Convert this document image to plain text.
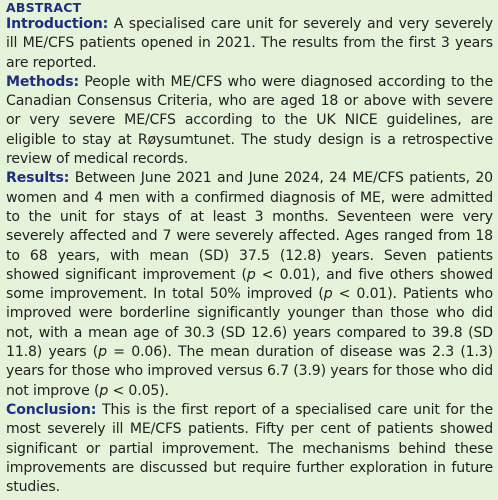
ABSTRACT

Introduction: A specialised care unit for severely and very severely ill ME/CFS patients opened in 2021. The results from the first 3 years are reported.

Methods: People with ME/CFS who were diagnosed according to the Canadian Consensus Criteria, who are aged 18 or above with severe or very severe ME/CFS according to the UK NICE guidelines, are eligible to stay at Røysumtunet. The study design is a retrospective review of medical records.

Results: Between June 2021 and June 2024, 24 ME/CFS patients, 20 women and 4 men with a confirmed diagnosis of ME, were admitted to the unit for stays of at least 3 months. Seventeen were very severely affected and 7 were severely affected. Ages ranged from 18 to 68 years, with mean (SD) 37.5 (12.8) years. Seven patients showed significant improvement (p < 0.01), and five others showed some improvement. In total 50% improved (p < 0.01). Patients who improved were borderline significantly younger than those who did not, with a mean age of 30.3 (SD 12.6) years compared to 39.8 (SD 11.8) years (p = 0.06). The mean duration of disease was 2.3 (1.3) years for those who improved versus 6.7 (3.9) years for those who did not improve (p < 0.05).

Conclusion: This is the first report of a specialised care unit for the most severely ill ME/CFS patients. Fifty per cent of patients showed significant or partial improvement. The mechanisms behind these improvements are discussed but require further exploration in future studies.
